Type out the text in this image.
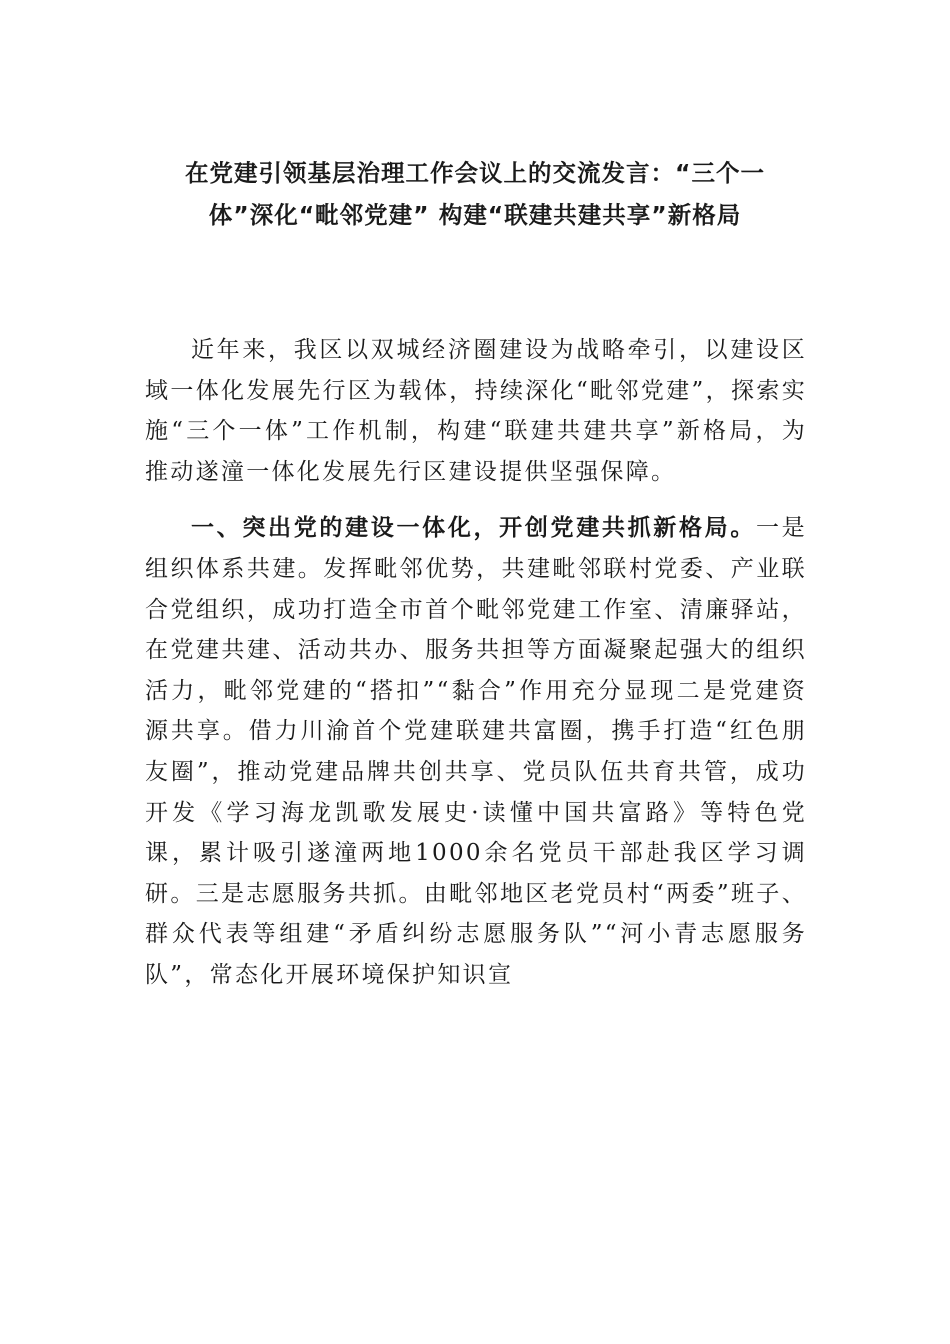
在党建引领基层治理工作会议上的交流发言：“三个一
体”深化“毗邻党建” 构建“联建共建共享”新格局

近年来，我区以双城经济圈建设为战略牵引，以建设区域一体化发展先行区为载体，持续深化“毗邻党建”，探索实施“三个一体”工作机制，构建“联建共建共享”新格局，为推动遂潼一体化发展先行区建设提供坚强保障。

一、突出党的建设一体化，开创党建共抓新格局。一是组织体系共建。发挥毗邻优势，共建毗邻联村党委、产业联合党组织，成功打造全市首个毗邻党建工作室、清廉驿站，在党建共建、活动共办、服务共担等方面凝聚起强大的组织活力，毗邻党建的“搭扣”“黏合”作用充分显现二是党建资源共享。借力川渝首个党建联建共富圈，携手打造“红色朋友圈”，推动党建品牌共创共享、党员队伍共育共管，成功开发《学习海龙凯歌发展史·读懂中国共富路》等特色党课，累计吸引遂潼两地1000余名党员干部赴我区学习调研。三是志愿服务共抓。由毗邻地区老党员村“两委”班子、群众代表等组建“矛盾纠纷志愿服务队”“河小青志愿服务队”，常态化开展环境保护知识宣
